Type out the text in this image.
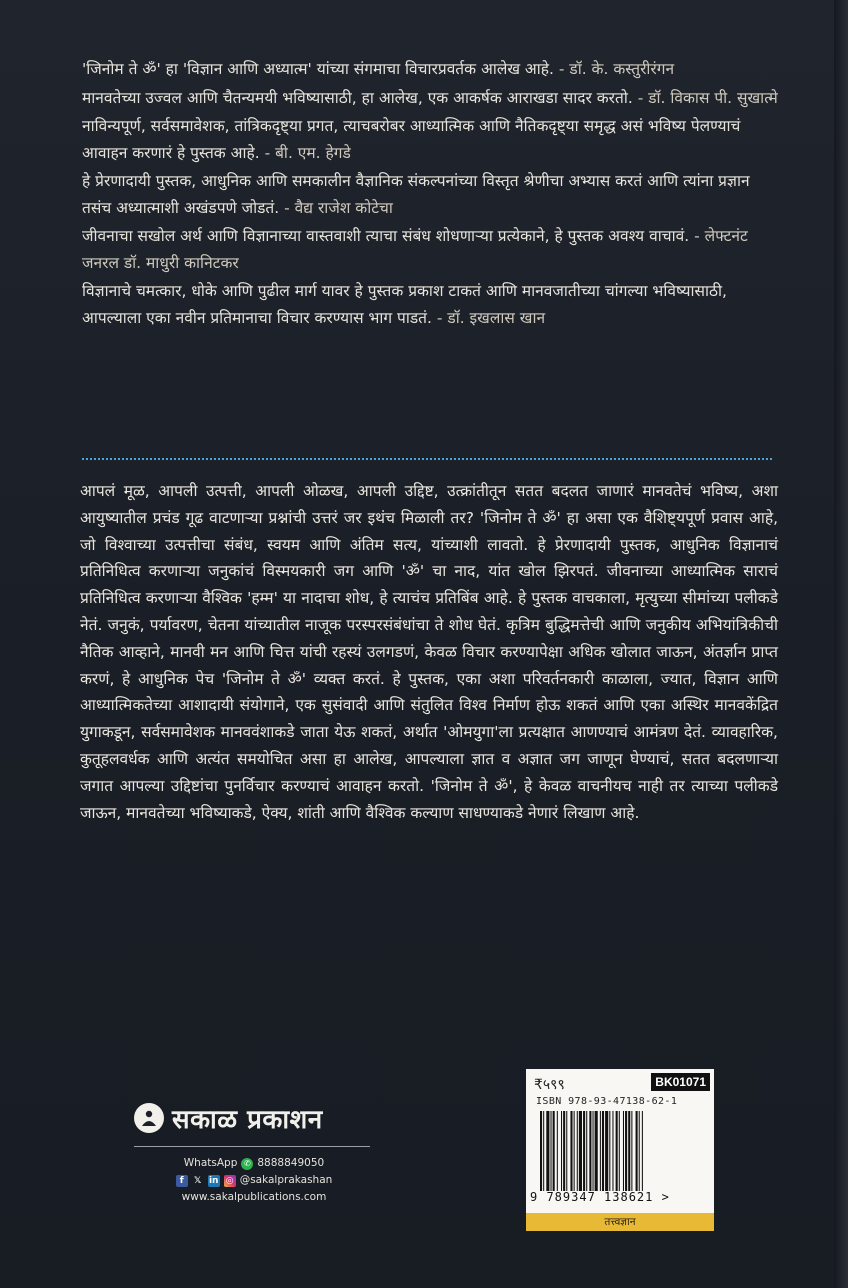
'जिनोम ते ॐ' हा 'विज्ञान आणि अध्यात्म' यांच्या संगमाचा विचारप्रवर्तक आलेख आहे. - डॉ. के. कस्तुरीरंगन

मानवतेच्या उज्वल आणि चैतन्यमयी भविष्यासाठी, हा आलेख, एक आकर्षक आराखडा सादर करतो. - डॉ. विकास पी. सुखात्मे

नाविन्यपूर्ण, सर्वसमावेशक, तांत्रिकदृष्ट्या प्रगत, त्याचबरोबर आध्यात्मिक आणि नैतिकदृष्ट्या समृद्ध असं भविष्य पेलण्याचं आवाहन करणारं हे पुस्तक आहे. - बी. एम. हेगडे

हे प्रेरणादायी पुस्तक, आधुनिक आणि समकालीन वैज्ञानिक संकल्पनांच्या विस्तृत श्रेणीचा अभ्यास करतं आणि त्यांना प्रज्ञान तसंच अध्यात्माशी अखंडपणे जोडतं. - वैद्य राजेश कोटेचा

जीवनाचा सखोल अर्थ आणि विज्ञानाच्या वास्तवाशी त्याचा संबंध शोधणाऱ्या प्रत्येकाने, हे पुस्तक अवश्य वाचावं. - लेफ्टनंट जनरल डॉ. माधुरी कानिटकर

विज्ञानाचे चमत्कार, धोके आणि पुढील मार्ग यावर हे पुस्तक प्रकाश टाकतं आणि मानवजातीच्या चांगल्या भविष्यासाठी, आपल्याला एका नवीन प्रतिमानाचा विचार करण्यास भाग पाडतं. - डॉ. इखलास खान

आपलं मूळ, आपली उत्पत्ती, आपली ओळख, आपली उद्दिष्ट, उत्क्रांतीतून सतत बदलत जाणारं मानवतेचं भविष्य, अशा आयुष्यातील प्रचंड गूढ वाटणाऱ्या प्रश्नांची उत्तरं जर इथंच मिळाली तर? 'जिनोम ते ॐ' हा असा एक वैशिष्ट्यपूर्ण प्रवास आहे, जो विश्वाच्या उत्पत्तीचा संबंध, स्वयम आणि अंतिम सत्य, यांच्याशी लावतो. हे प्रेरणादायी पुस्तक, आधुनिक विज्ञानाचं प्रतिनिधित्व करणाऱ्या जनुकांचं विस्मयकारी जग आणि 'ॐ' चा नाद, यांत खोल झिरपतं. जीवनाच्या आध्यात्मिक साराचं प्रतिनिधित्व करणाऱ्या वैश्विक 'हम्म' या नादाचा शोध, हे त्याचंच प्रतिबिंब आहे. हे पुस्तक वाचकाला, मृत्युच्या सीमांच्या पलीकडे नेतं. जनुकं, पर्यावरण, चेतना यांच्यातील नाजूक परस्परसंबंधांचा ते शोध घेतं. कृत्रिम बुद्धिमत्तेची आणि जनुकीय अभियांत्रिकीची नैतिक आव्हाने, मानवी मन आणि चित्त यांची रहस्यं उलगडणं, केवळ विचार करण्यापेक्षा अधिक खोलात जाऊन, अंतर्ज्ञान प्राप्त करणं, हे आधुनिक पेच 'जिनोम ते ॐ' व्यक्त करतं. हे पुस्तक, एका अशा परिवर्तनकारी काळाला, ज्यात, विज्ञान आणि आध्यात्मिकतेच्या आशादायी संयोगाने, एक सुसंवादी आणि संतुलित विश्व निर्माण होऊ शकतं आणि एका अस्थिर मानवकेंद्रित युगाकडून, सर्वसमावेशक मानववंशाकडे जाता येऊ शकतं, अर्थात 'ओमयुगा'ला प्रत्यक्षात आणण्याचं आमंत्रण देतं. व्यावहारिक, कुतूहलवर्धक आणि अत्यंत समयोचित असा हा आलेख, आपल्याला ज्ञात व अज्ञात जग जाणून घेण्याचं, सतत बदलणाऱ्या जगात आपल्या उद्दिष्टांचा पुनर्विचार करण्याचं आवाहन करतो. 'जिनोम ते ॐ', हे केवळ वाचनीयच नाही तर त्याच्या पलीकडे जाऊन, मानवतेच्या भविष्याकडे, ऐक्य, शांती आणि वैश्विक कल्याण साधण्याकडे नेणारं लिखाण आहे.
सकाळ प्रकाशन
WhatsApp ✆ 8888849050
f	𝕏 in ◎ @sakalprakashan
www.sakalpublications.com
₹५९९	BK01071
ISBN 978-93-47138-62-1
9 789347 138621 >
तत्त्वज्ञान
